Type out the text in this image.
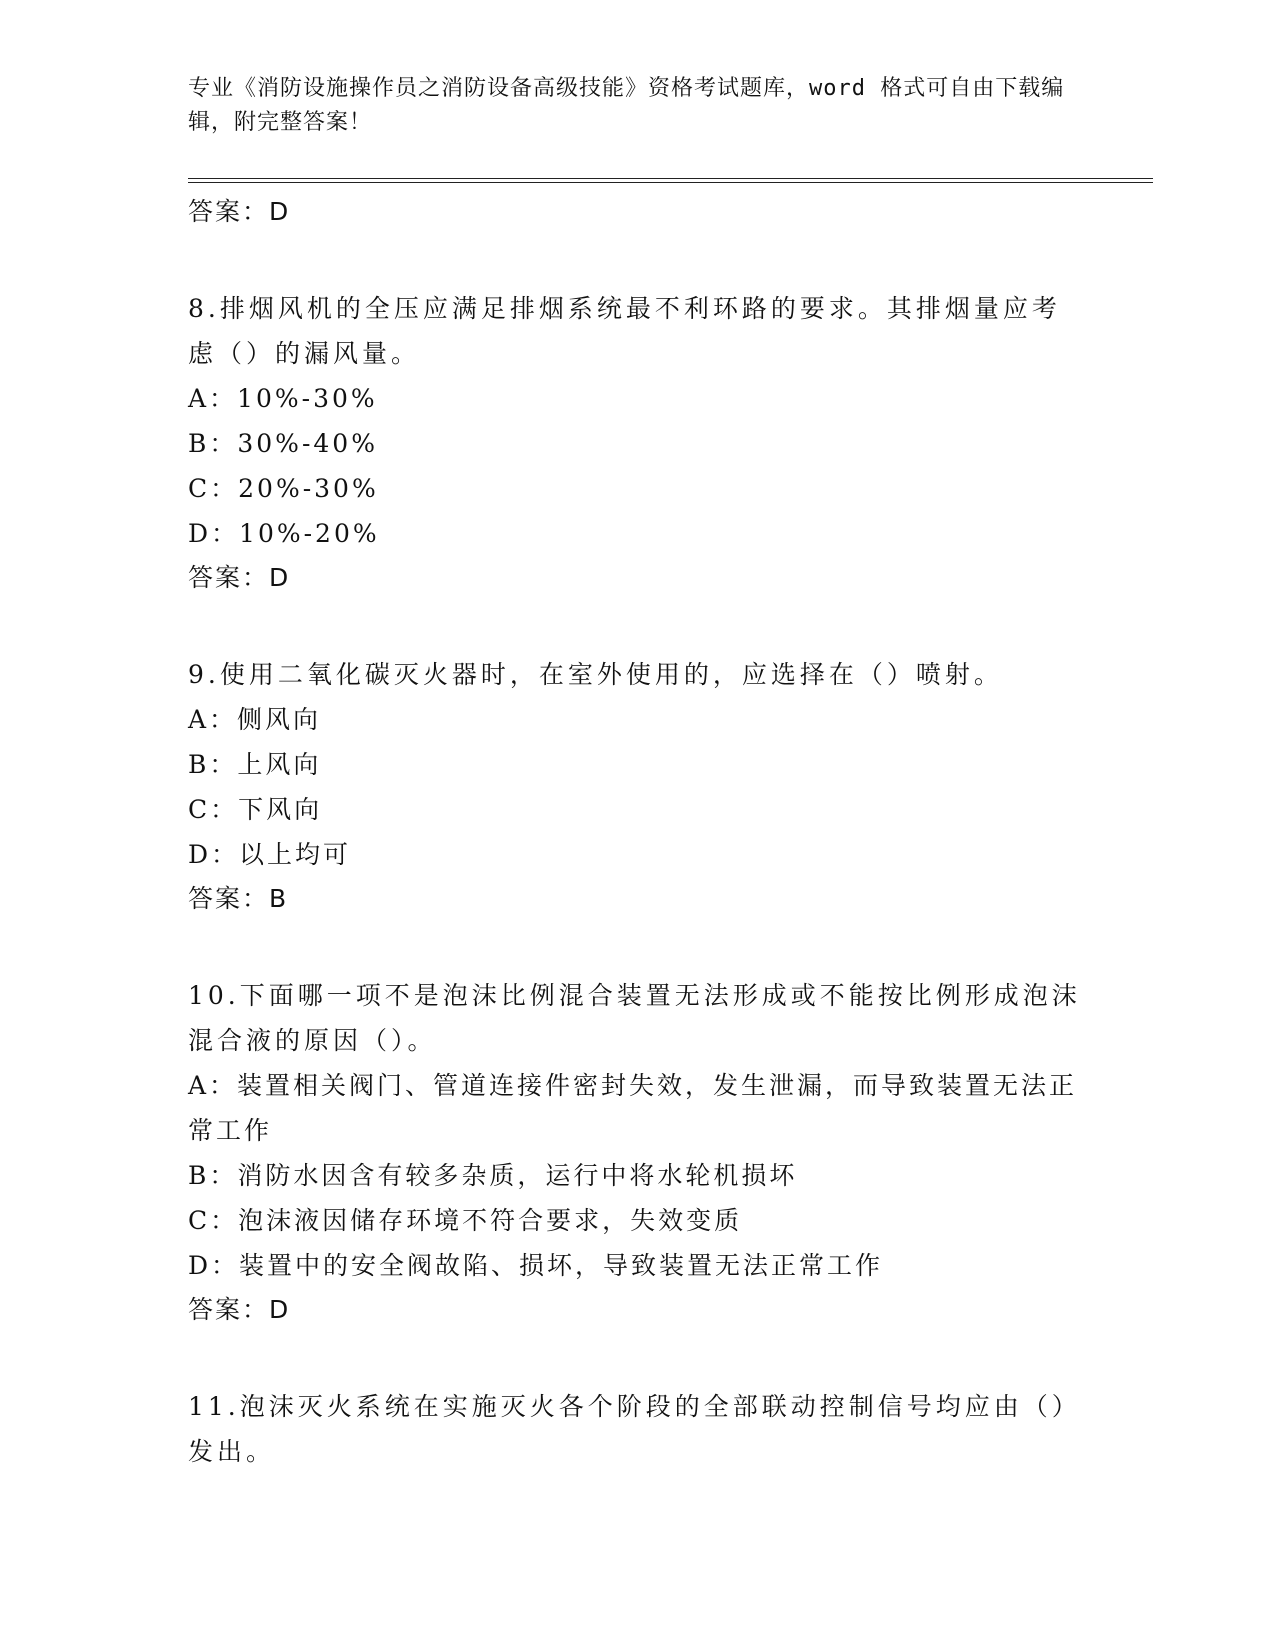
专业《消防设施操作员之消防设备高级技能》资格考试题库，word 格式可自由下载编辑，附完整答案！
答案：D
8.排烟风机的全压应满足排烟系统最不利环路的要求。其排烟量应考虑（）的漏风量。
A：10%-30%
B：30%-40%
C：20%-30%
D：10%-20%
答案：D
9.使用二氧化碳灭火器时，在室外使用的，应选择在（）喷射。
A：侧风向
B：上风向
C：下风向
D：以上均可
答案：B
10.下面哪一项不是泡沫比例混合装置无法形成或不能按比例形成泡沫混合液的原因（）。
A：装置相关阀门、管道连接件密封失效，发生泄漏，而导致装置无法正常工作
B：消防水因含有较多杂质，运行中将水轮机损坏
C：泡沫液因储存环境不符合要求，失效变质
D：装置中的安全阀故陷、损坏，导致装置无法正常工作
答案：D
11.泡沫灭火系统在实施灭火各个阶段的全部联动控制信号均应由（）发出。
